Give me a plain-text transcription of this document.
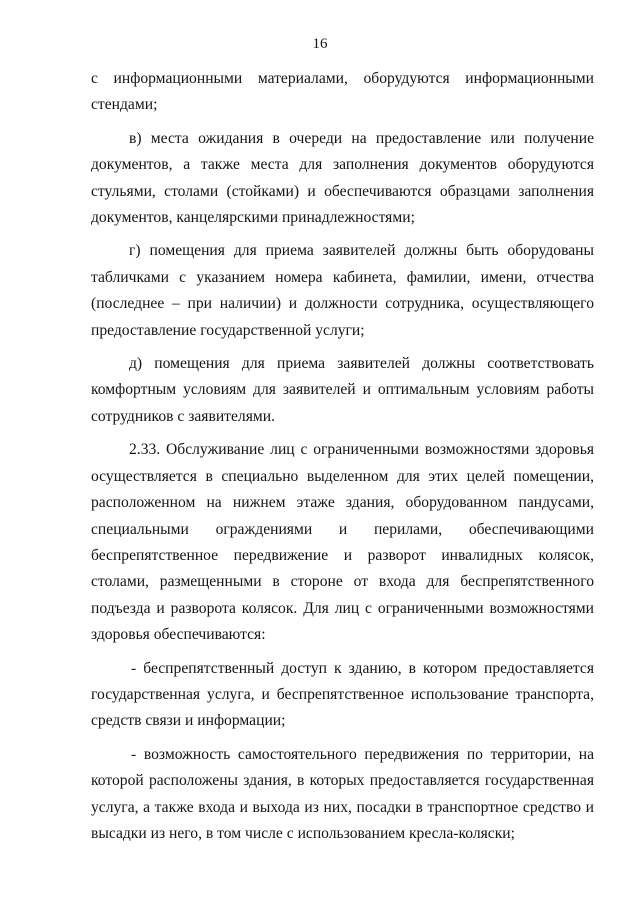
16

с информационными материалами, оборудуются информационными стендами;

в) места ожидания в очереди на предоставление или получение документов, а также места для заполнения документов оборудуются стульями, столами (стойками) и обеспечиваются образцами заполнения документов, канцелярскими принадлежностями;

г) помещения для приема заявителей должны быть оборудованы табличками с указанием номера кабинета, фамилии, имени, отчества (последнее – при наличии) и должности сотрудника, осуществляющего предоставление государственной услуги;

д) помещения для приема заявителей должны соответствовать комфортным условиям для заявителей и оптимальным условиям работы сотрудников с заявителями.

2.33. Обслуживание лиц с ограниченными возможностями здоровья осуществляется в специально выделенном для этих целей помещении, расположенном на нижнем этаже здания, оборудованном пандусами, специальными ограждениями и перилами, обеспечивающими беспрепятственное передвижение и разворот инвалидных колясок, столами, размещенными в стороне от входа для беспрепятственного подъезда и разворота колясок. Для лиц с ограниченными возможностями здоровья обеспечиваются:

- беспрепятственный доступ к зданию, в котором предоставляется государственная услуга, и беспрепятственное использование транспорта, средств связи и информации;

- возможность самостоятельного передвижения по территории, на которой расположены здания, в которых предоставляется государственная услуга, а также входа и выхода из них, посадки в транспортное средство и высадки из него, в том числе с использованием кресла-коляски;
